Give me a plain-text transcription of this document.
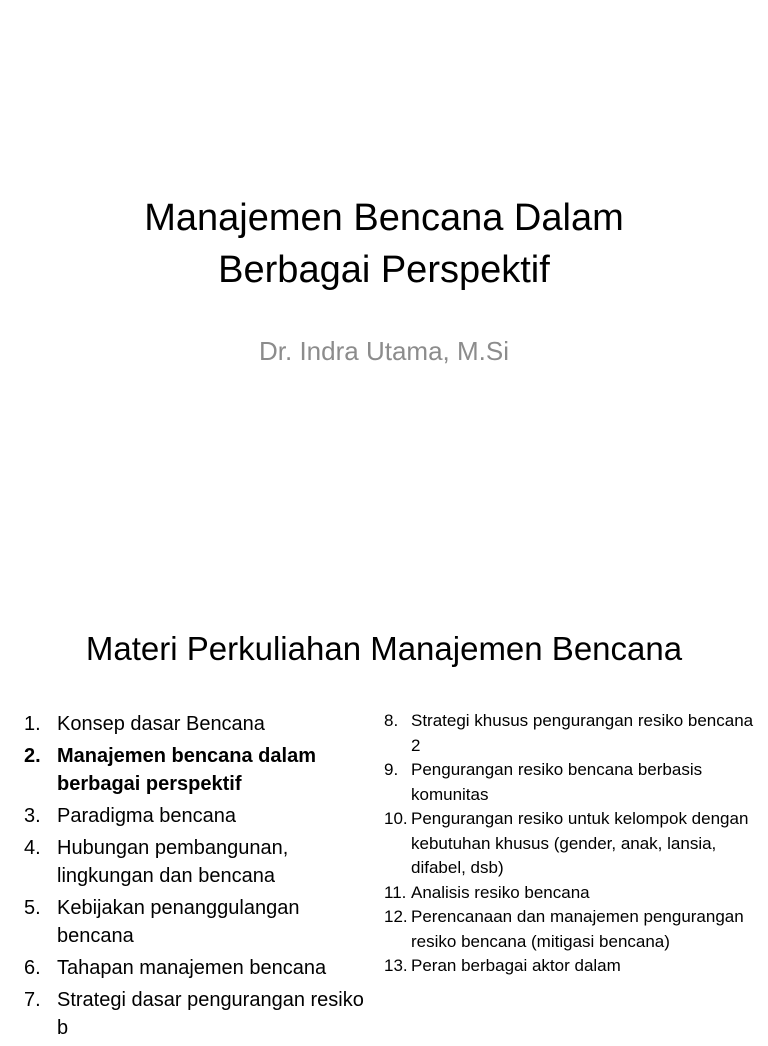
Manajemen Bencana Dalam
Berbagai Perspektif
Dr. Indra Utama, M.Si
Materi Perkuliahan Manajemen Bencana
1. Konsep dasar Bencana
2. Manajemen bencana dalam berbagai perspektif
3. Paradigma bencana
4. Hubungan pembangunan, lingkungan dan bencana
5. Kebijakan penanggulangan bencana
6. Tahapan manajemen bencana
7. Strategi dasar pengurangan resiko b
8. Strategi khusus pengurangan resiko bencana 2
9. Pengurangan resiko bencana berbasis komunitas
10. Pengurangan resiko untuk kelompok dengan kebutuhan khusus (gender, anak, lansia, difabel, dsb)
11. Analisis resiko bencana
12. Perencanaan dan manajemen pengurangan resiko bencana (mitigasi bencana)
13. Peran berbagai aktor dalam
